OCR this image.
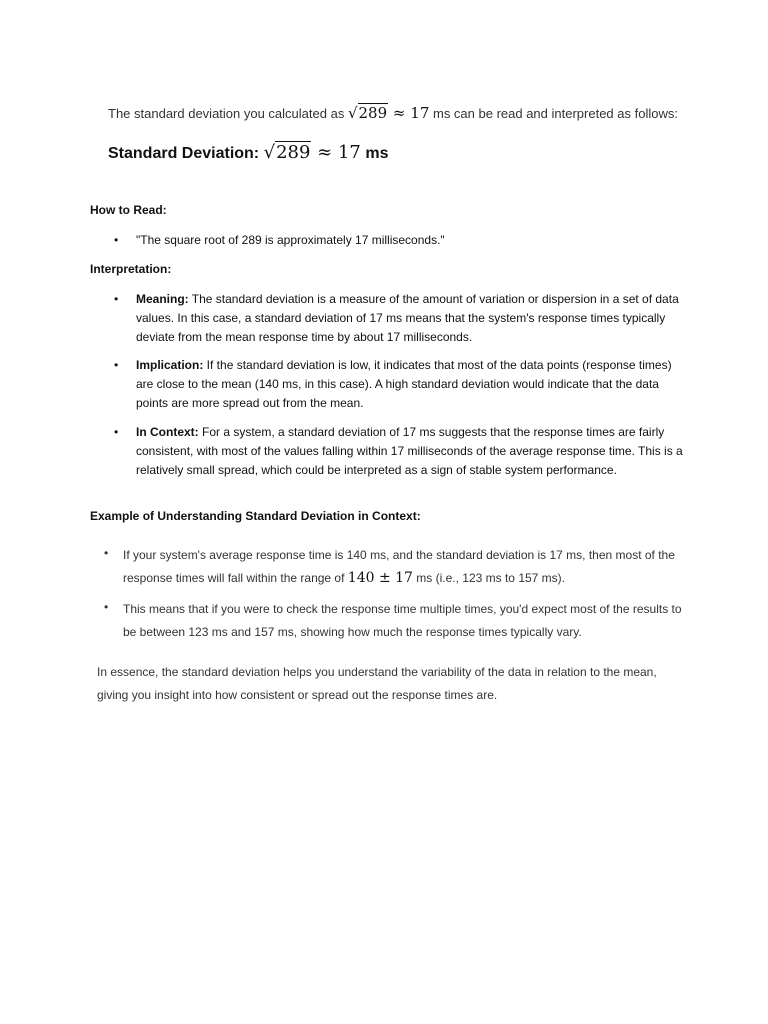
The standard deviation you calculated as √289 ≈ 17 ms can be read and interpreted as follows:
Standard Deviation: √289 ≈ 17 ms
How to Read:
• "The square root of 289 is approximately 17 milliseconds."
Interpretation:
• Meaning: The standard deviation is a measure of the amount of variation or dispersion in a set of data values. In this case, a standard deviation of 17 ms means that the system's response times typically deviate from the mean response time by about 17 milliseconds.
• Implication: If the standard deviation is low, it indicates that most of the data points (response times) are close to the mean (140 ms, in this case). A high standard deviation would indicate that the data points are more spread out from the mean.
• In Context: For a system, a standard deviation of 17 ms suggests that the response times are fairly consistent, with most of the values falling within 17 milliseconds of the average response time. This is a relatively small spread, which could be interpreted as a sign of stable system performance.
Example of Understanding Standard Deviation in Context:
• If your system's average response time is 140 ms, and the standard deviation is 17 ms, then most of the response times will fall within the range of 140 ± 17 ms (i.e., 123 ms to 157 ms).
• This means that if you were to check the response time multiple times, you'd expect most of the results to be between 123 ms and 157 ms, showing how much the response times typically vary.
In essence, the standard deviation helps you understand the variability of the data in relation to the mean, giving you insight into how consistent or spread out the response times are.
